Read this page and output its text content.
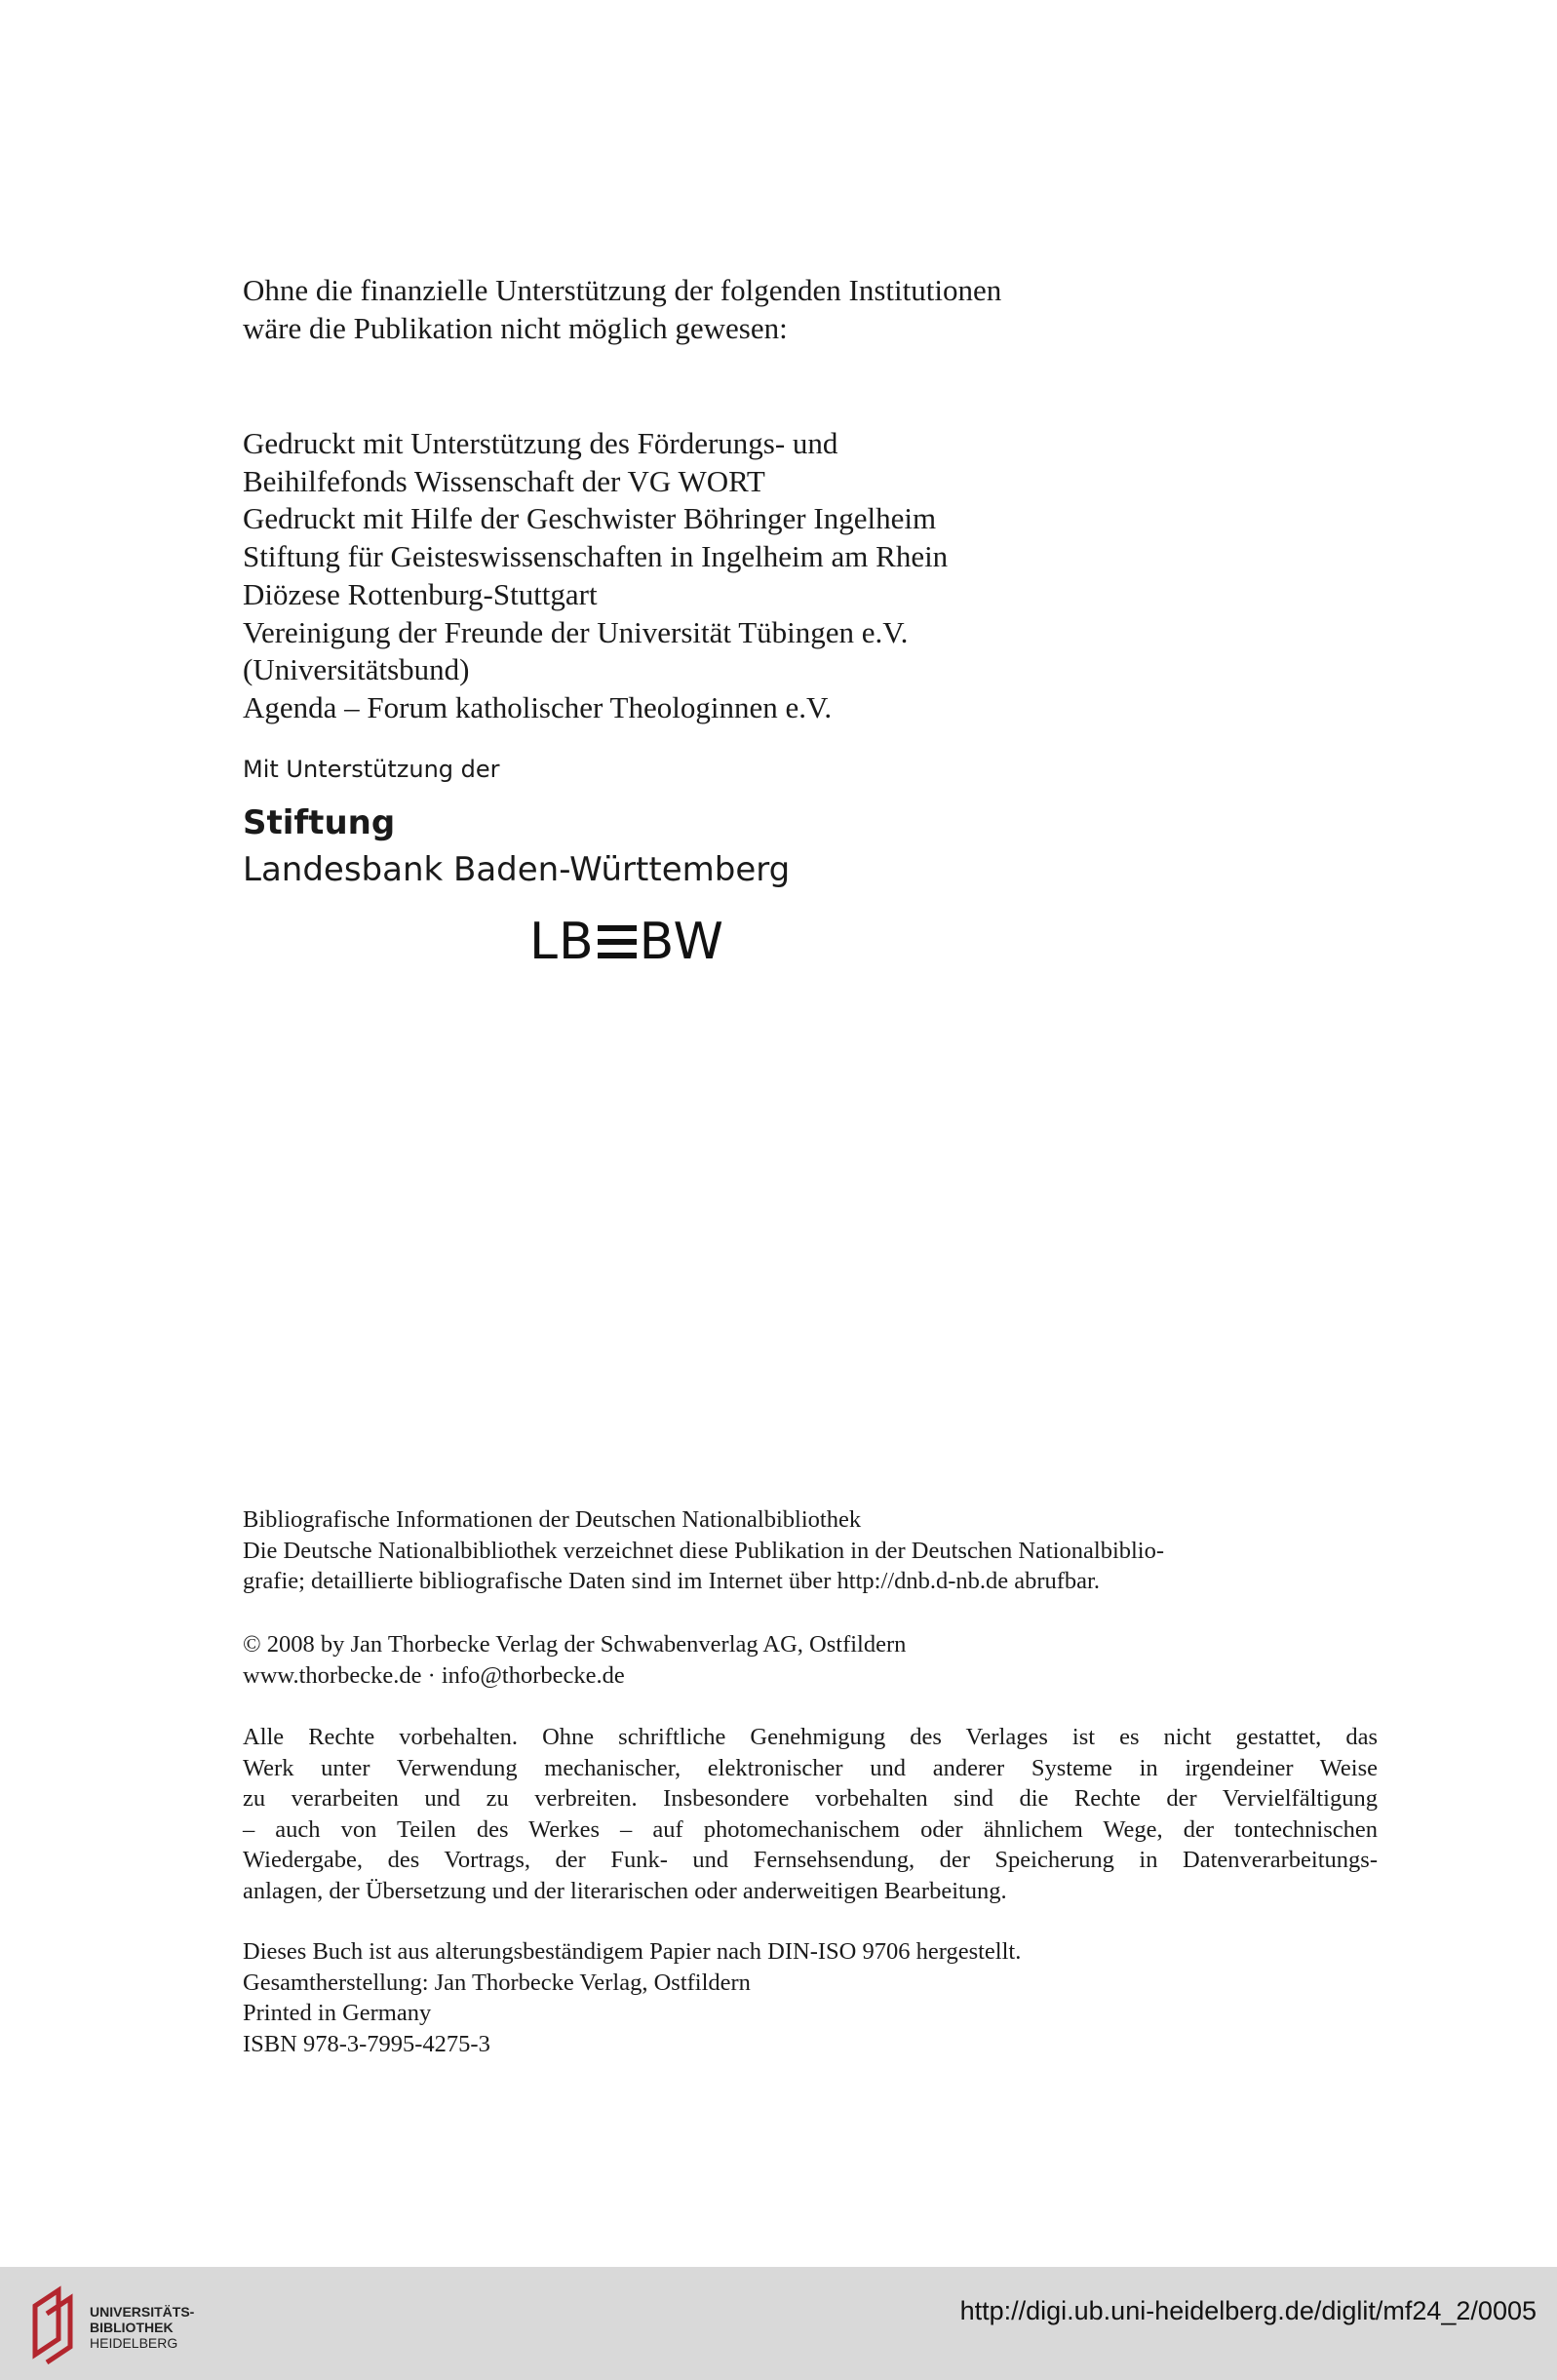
Ohne die finanzielle Unterstützung der folgenden Institutionen
wäre die Publikation nicht möglich gewesen:
Gedruckt mit Unterstützung des Förderungs- und
Beihilfefonds Wissenschaft der VG WORT
Gedruckt mit Hilfe der Geschwister Böhringer Ingelheim
Stiftung für Geisteswissenschaften in Ingelheim am Rhein
Diözese Rottenburg-Stuttgart
Vereinigung der Freunde der Universität Tübingen e.V.
(Universitätsbund)
Agenda – Forum katholischer Theologinnen e.V.
Mit Unterstützung der
Stiftung
Landesbank Baden-Württemberg
LB BW
Bibliografische Informationen der Deutschen Nationalbibliothek
Die Deutsche Nationalbibliothek verzeichnet diese Publikation in der Deutschen Nationalbiblio-
grafie; detaillierte bibliografische Daten sind im Internet über http://dnb.d-nb.de abrufbar.
© 2008 by Jan Thorbecke Verlag der Schwabenverlag AG, Ostfildern
www.thorbecke.de · info@thorbecke.de
Alle Rechte vorbehalten. Ohne schriftliche Genehmigung des Verlages ist es nicht gestattet, das
Werk unter Verwendung mechanischer, elektronischer und anderer Systeme in irgendeiner Weise
zu verarbeiten und zu verbreiten. Insbesondere vorbehalten sind die Rechte der Vervielfältigung
– auch von Teilen des Werkes – auf photomechanischem oder ähnlichem Wege, der tontechnischen
Wiedergabe, des Vortrags, der Funk- und Fernsehsendung, der Speicherung in Datenverarbeitungs-
anlagen, der Übersetzung und der literarischen oder anderweitigen Bearbeitung.
Dieses Buch ist aus alterungsbeständigem Papier nach DIN-ISO 9706 hergestellt.
Gesamtherstellung: Jan Thorbecke Verlag, Ostfildern
Printed in Germany
ISBN 978-3-7995-4275-3
UNIVERSITÄTS-
BIBLIOTHEK
HEIDELBERG
http://digi.ub.uni-heidelberg.de/diglit/mf24_2/0005
